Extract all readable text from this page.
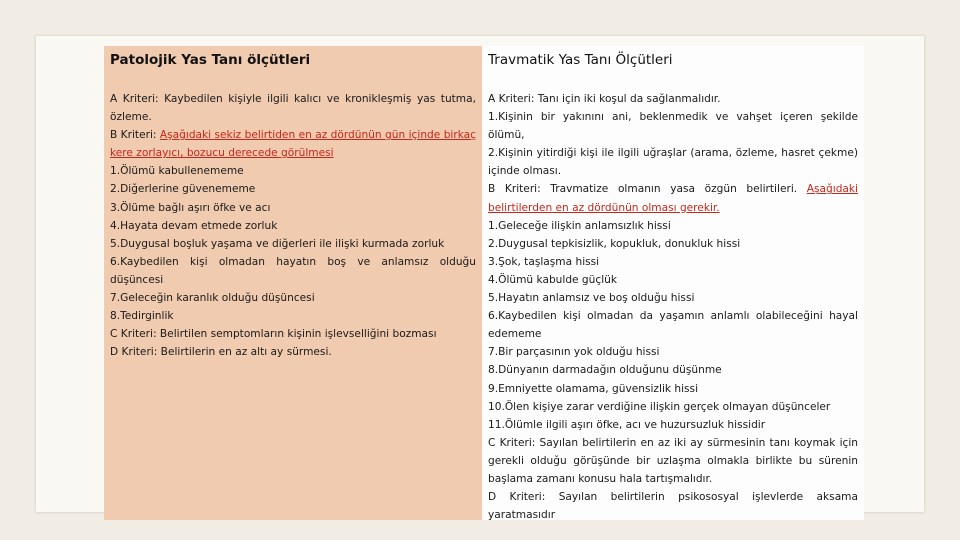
Patolojik Yas Tanı ölçütleri
A Kriteri: Kaybedilen kişiyle ilgili kalıcı ve kronikleşmiş yas tutma, özleme.
B Kriteri: Aşağıdaki sekiz belirtiden en az dördünün gün içinde birkaç kere zorlayıcı, bozucu derecede görülmesi
1.Ölümü kabullenememe
2.Diğerlerine güvenememe
3.Ölüme bağlı aşırı öfke ve acı
4.Hayata devam etmede zorluk
5.Duygusal boşluk yaşama ve diğerleri ile ilişki kurmada zorluk
6.Kaybedilen kişi olmadan hayatın boş ve anlamsız olduğu düşüncesi
7.Geleceğin karanlık olduğu düşüncesi
8.Tedirginlik
C Kriteri: Belirtilen semptomların kişinin işlevselliğini bozması
D Kriteri: Belirtilerin en az altı ay sürmesi.
Travmatik Yas Tanı Ölçütleri
A Kriteri: Tanı için iki koşul da sağlanmalıdır.
1.Kişinin bir yakınını ani, beklenmedik ve vahşet içeren şekilde ölümü,
2.Kişinin yitirdiği kişi ile ilgili uğraşlar (arama, özleme, hasret çekme) içinde olması.
B Kriteri: Travmatize olmanın yasa özgün belirtileri. Aşağıdaki belirtilerden en az dördünün olması gerekir.
1.Geleceğe ilişkin anlamsızlık hissi
2.Duygusal tepkisizlik, kopukluk, donukluk hissi
3.Şok, taşlaşma hissi
4.Ölümü kabulde güçlük
5.Hayatın anlamsız ve boş olduğu hissi
6.Kaybedilen kişi olmadan da yaşamın anlamlı olabileceğini hayal edememe
7.Bir parçasının yok olduğu hissi
8.Dünyanın darmadağın olduğunu düşünme
9.Emniyette olamama, güvensizlik hissi
10.Ölen kişiye zarar verdiğine ilişkin gerçek olmayan düşünceler
11.Ölümle ilgili aşırı öfke, acı ve huzursuzluk hissidir
C Kriteri: Sayılan belirtilerin en az iki ay sürmesinin tanı koymak için gerekli olduğu görüşünde bir uzlaşma olmakla birlikte bu sürenin başlama zamanı konusu hala tartışmalıdır.
D Kriteri: Sayılan belirtilerin psikososyal işlevlerde aksama yaratmasıdır
